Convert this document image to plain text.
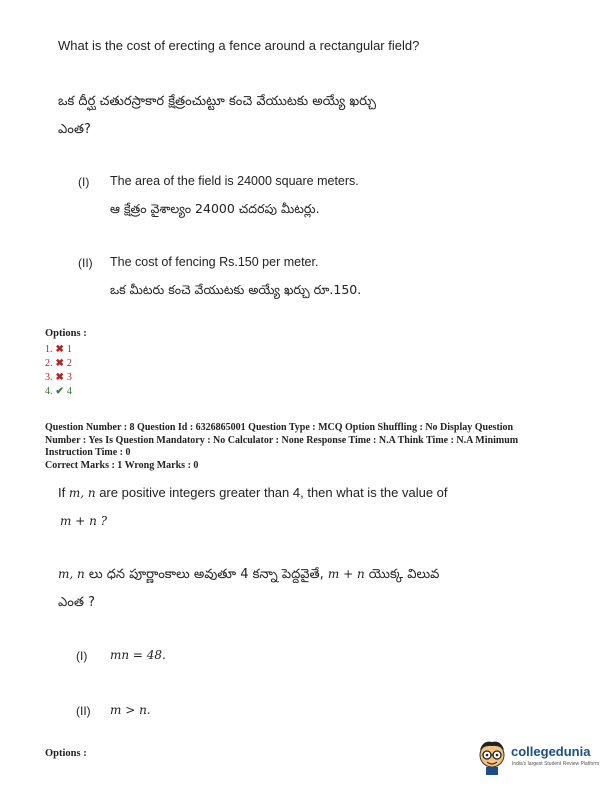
What is the cost of erecting a fence around a rectangular field?
ఒక దీర్ఘ చతురస్రాకార క్షేత్రంచుట్టూ కంచె వేయుటకు అయ్యే ఖర్చు
ఎంత?
(I) The area of the field is 24000 square meters.
ఆ క్షేత్రం వైశాల్యం 24000 చదరపు మీటర్లు.
(II) The cost of fencing Rs.150 per meter.
ఒక మీటరు కంచె వేయుటకు అయ్యే ఖర్చు రూ.150.
Options :
1. ✖ 1
2. ✖ 2
3. ✖ 3
4. ✔ 4
Question Number : 8 Question Id : 6326865001 Question Type : MCQ Option Shuffling : No Display Question
Number : Yes Is Question Mandatory : No Calculator : None Response Time : N.A Think Time : N.A Minimum
Instruction Time : 0
Correct Marks : 1 Wrong Marks : 0
If m, n are positive integers greater than 4, then what is the value of
m + n ?
m, n లు ధన పూర్ణాంకాలు అవుతూ 4 కన్నా పెద్దవైతే, m + n యొక్క విలువ
ఎంత ?
(I) mn = 48.
(II) m > n.
Options :	collegedunia
India's largest Student Review Platform
